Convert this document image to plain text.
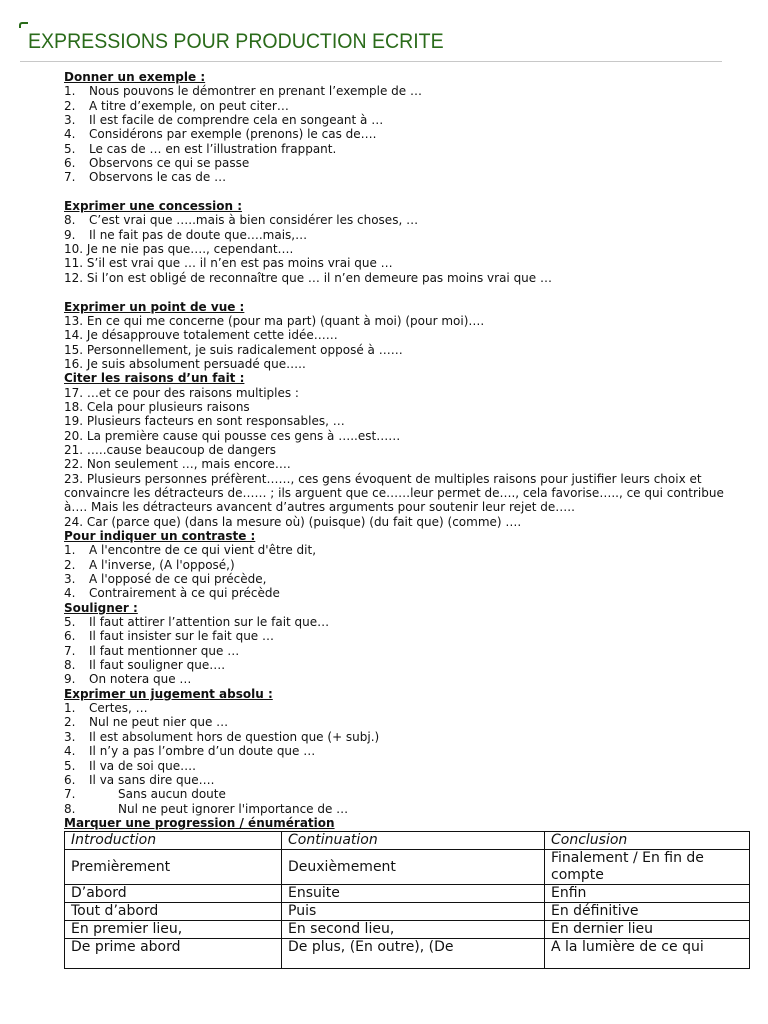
EXPRESSIONS POUR PRODUCTION ECRITE
Donner un exemple :
1.	Nous pouvons le démontrer en prenant l’exemple de …
2.	A titre d’exemple, on peut citer…
3.	Il est facile de comprendre cela en songeant à …
4.	Considérons par exemple (prenons) le cas de….
5.	Le cas de … en est l’illustration frappant.
6.	Observons ce qui se passe
7.	Observons le cas de …
Exprimer une concession :
8.	C’est vrai que …..mais à bien considérer les choses, …
9.	Il ne fait pas de doute que….mais,…
10.
Je ne nie pas que…., cependant….
11.
S’il est vrai que … il n’en est pas moins vrai que …
12.
Si l’on est obligé de reconnaître que … il n’en demeure pas moins vrai que …
Exprimer un point de vue :
13. En ce qui me concerne (pour ma part) (quant à moi) (pour moi)….
14. Je désapprouve totalement cette idée……
15. Personnellement, je suis radicalement opposé à ……
16. Je suis absolument persuadé que…..
Citer les raisons d’un fait :
17. …et ce pour des raisons multiples :
18. Cela pour plusieurs raisons
19. Plusieurs facteurs en sont responsables, …
20. La première cause qui pousse ces gens à …..est……
21. …..cause beaucoup de dangers
22. Non seulement …, mais encore….
23. Plusieurs personnes préfèrent……, ces gens évoquent de multiples raisons pour justifier leurs choix et convaincre les détracteurs de…… ; ils arguent que ce……leur permet de…., cela favorise….., ce qui contribue à…. Mais les détracteurs avancent d’autres arguments pour soutenir leur rejet de…..
24. Car (parce que) (dans la mesure où) (puisque) (du fait que) (comme) ….
Pour indiquer un contraste :
1.	A l'encontre de ce qui vient d'être dit,
2.	A l'inverse, (A l'opposé,)
3.	A l'opposé de ce qui précède,
4.	Contrairement à ce qui précède
Souligner :
5.	Il faut attirer l’attention sur le fait que…
6.	Il faut insister sur le fait que …
7.	Il faut mentionner que …
8.	Il faut souligner que….
9.	On notera que …
Exprimer un jugement absolu :
1.	Certes, …
2.	Nul ne peut nier que …
3.	Il est absolument hors de question que (+ subj.)
4.	Il n’y a pas l’ombre d’un doute que …
5.	Il va de soi que….
6.	Il va sans dire que….
7.	Sans aucun doute
8.	Nul ne peut ignorer l'importance de …
Marquer une progression / énumération
Introduction	Continuation	Conclusion
Premièrement	Deuxièmement	Finalement / En fin de compte
D’abord	Ensuite	Enfin
Tout d’abord	Puis	En définitive
En premier lieu,	En second lieu,	En dernier lieu
De prime abord	De plus, (En outre), (De	A la lumière de ce qui
